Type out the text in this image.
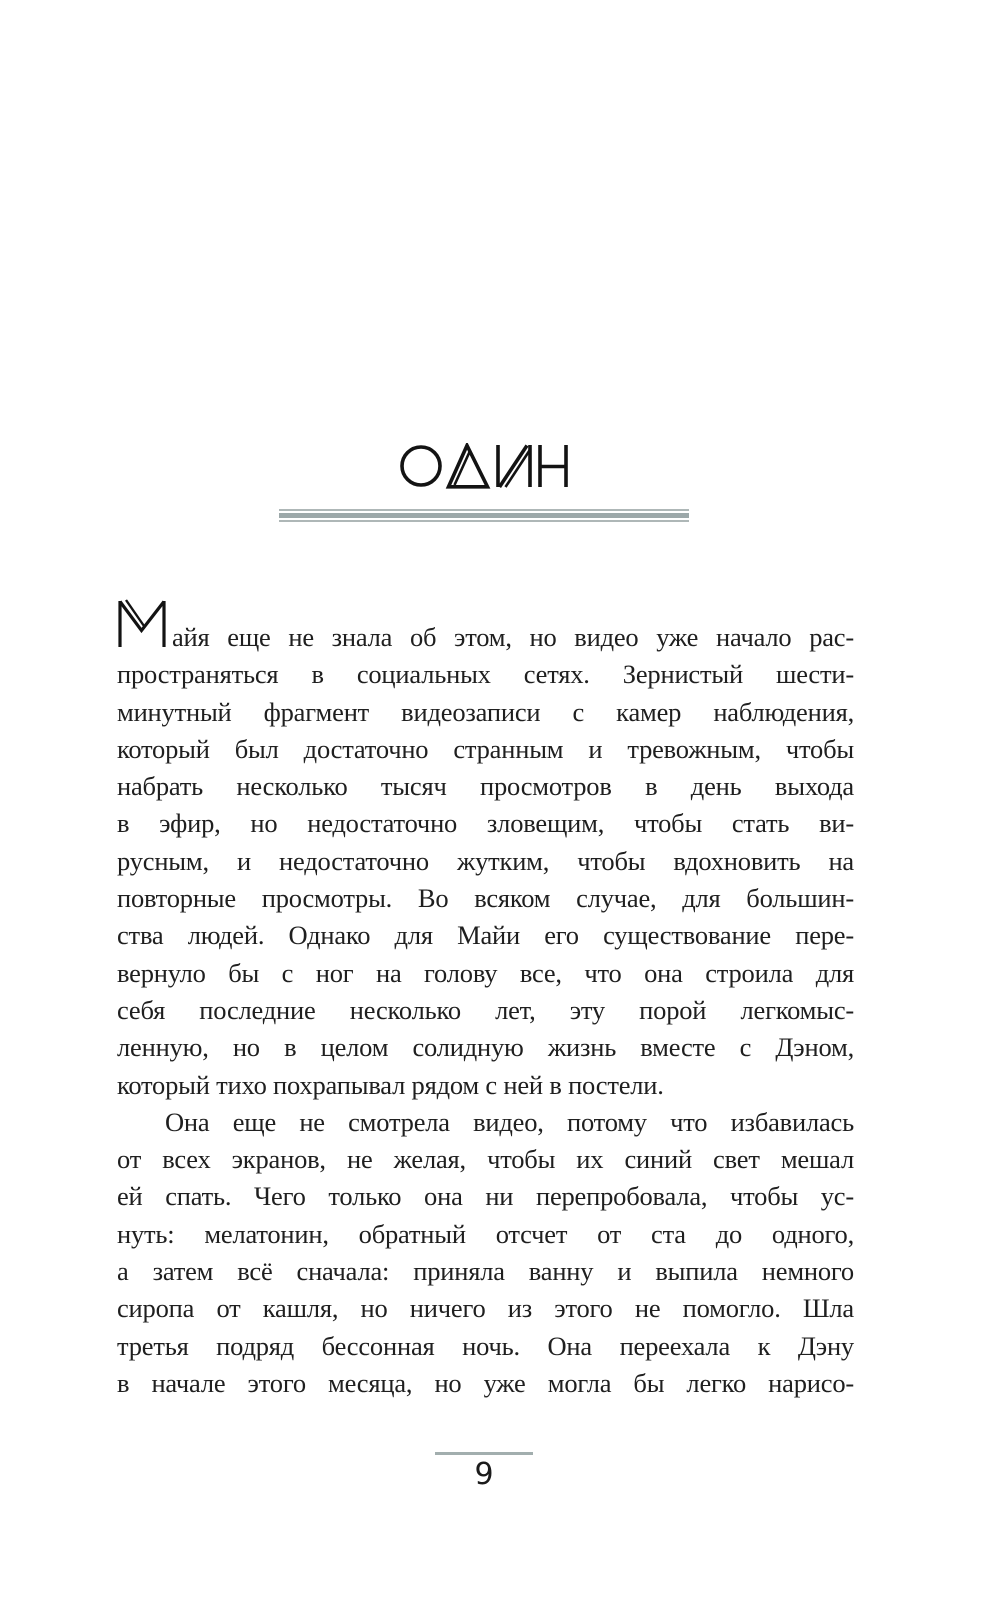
айя еще не знала об этом, но видео уже начало рас-
пространяться в социальных сетях. Зернистый шести-
минутный фрагмент видеозаписи с камер наблюдения,
который был достаточно странным и тревожным, чтобы
набрать несколько тысяч просмотров в день выхода
в эфир, но недостаточно зловещим, чтобы стать ви-
русным, и недостаточно жутким, чтобы вдохновить на
повторные просмотры. Во всяком случае, для большин-
ства людей. Однако для Майи его существование пере-
вернуло бы с ног на голову все, что она строила для
себя последние несколько лет, эту порой легкомыс-
ленную, но в целом солидную жизнь вместе с Дэном,
который тихо похрапывал рядом с ней в постели.
Она еще не смотрела видео, потому что избавилась
от всех экранов, не желая, чтобы их синий свет мешал
ей спать. Чего только она ни перепробовала, чтобы ус-
нуть: мелатонин, обратный отсчет от ста до одного,
а затем всё сначала: приняла ванну и выпила немного
сиропа от кашля, но ничего из этого не помогло. Шла
третья подряд бессонная ночь. Она переехала к Дэну
в начале этого месяца, но уже могла бы легко нарисо-
9
